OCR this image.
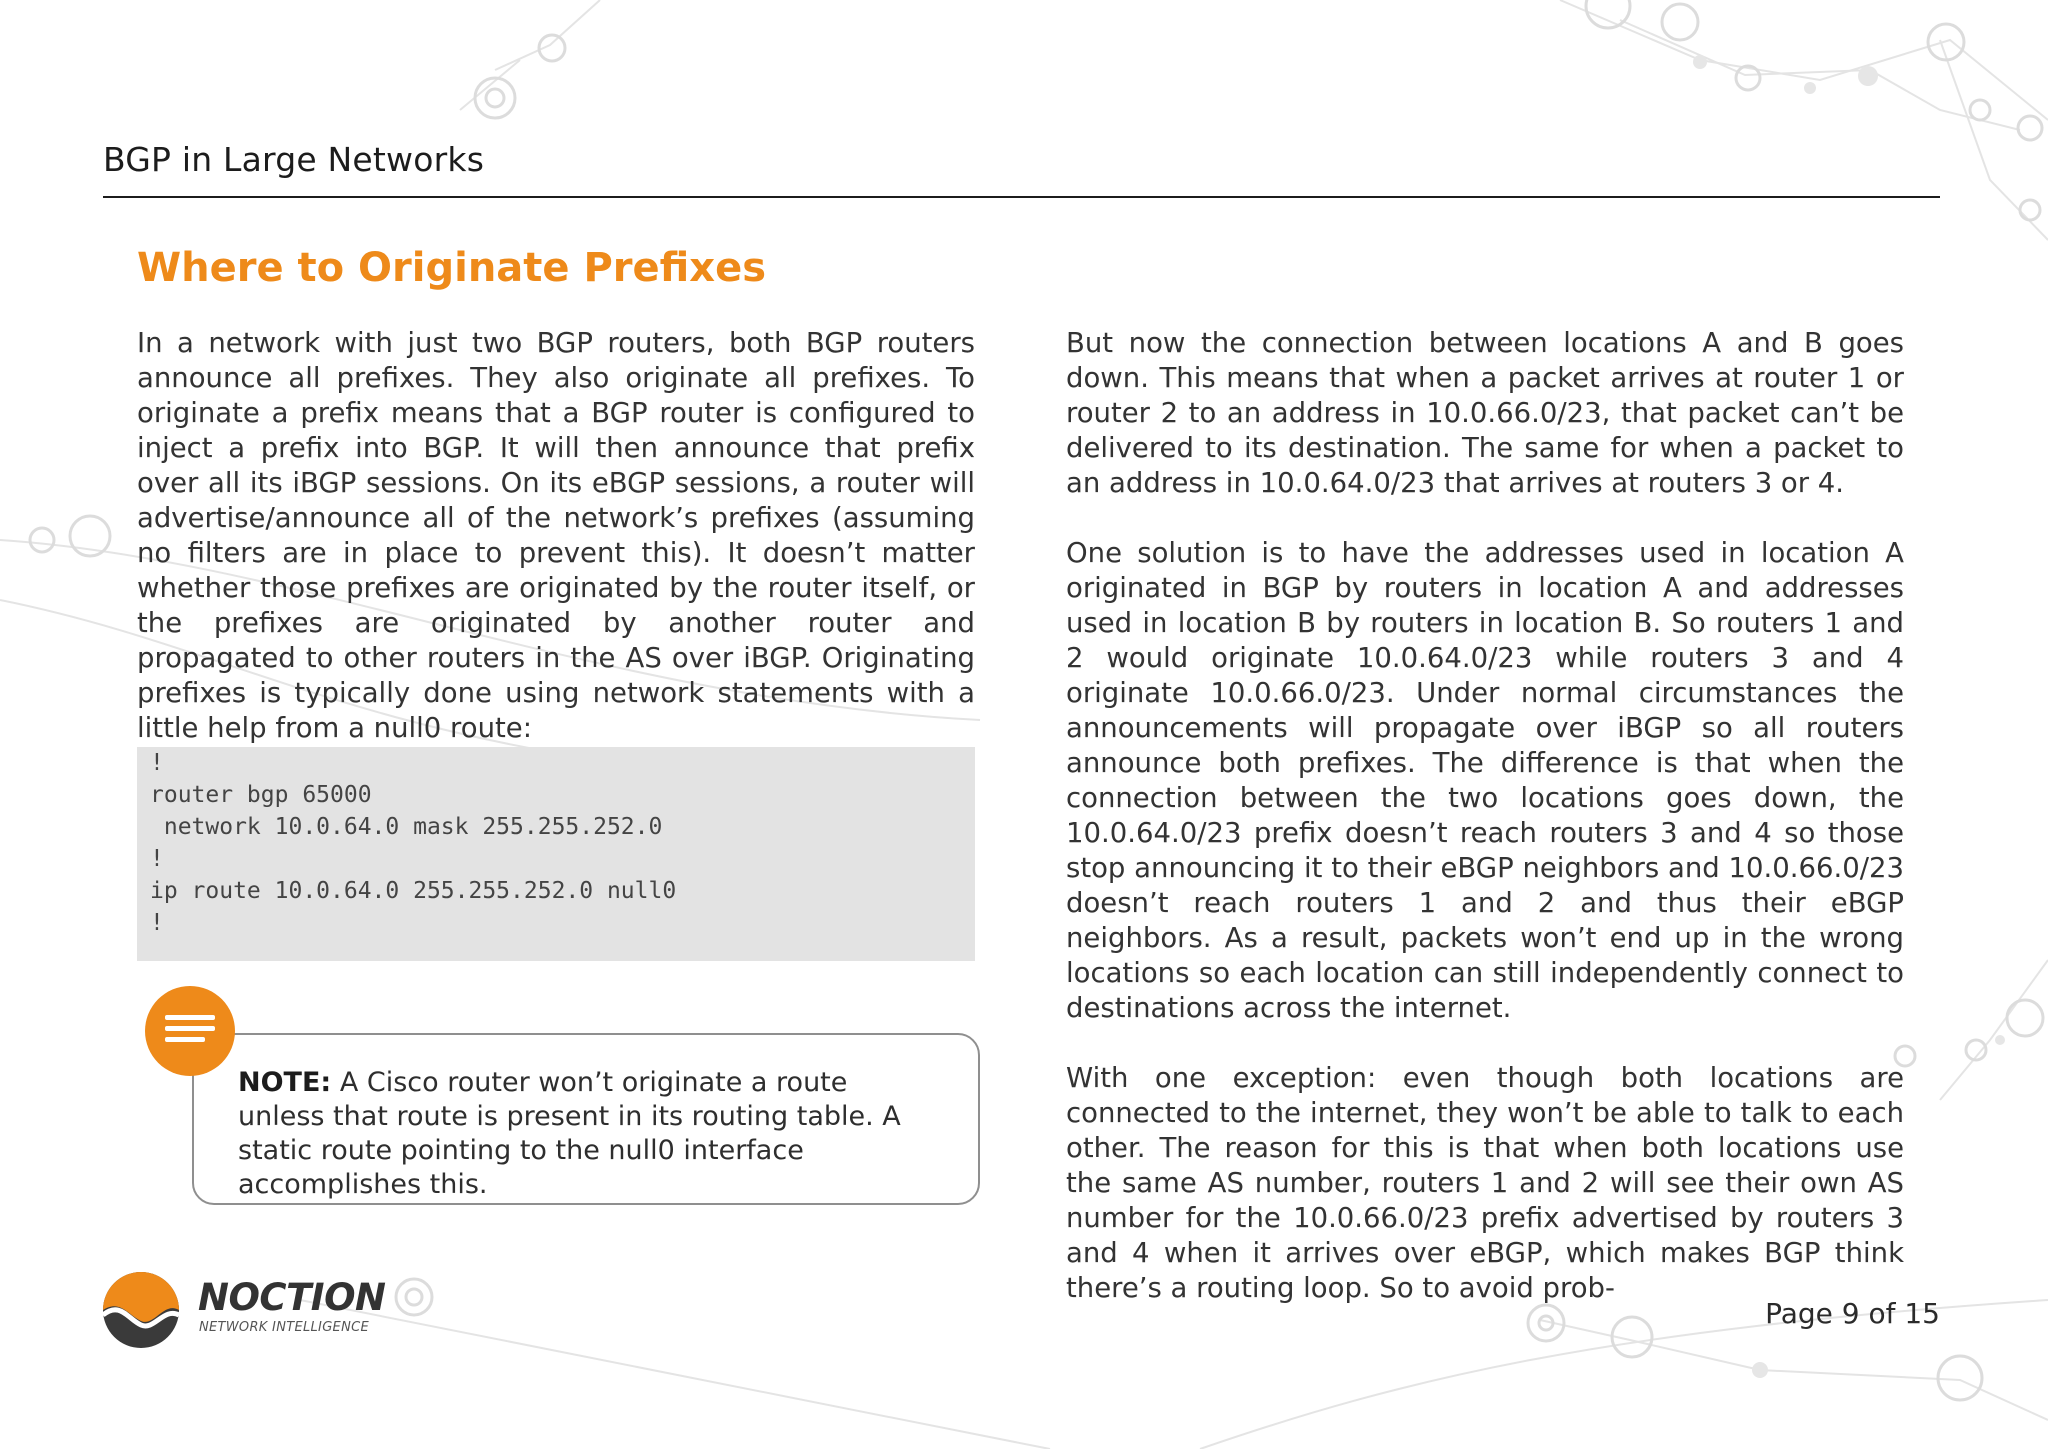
BGP in Large Networks
Where to Originate Prefixes

In a network with just two BGP routers, both BGP routers announce all prefixes. They also originate all prefixes. To originate a prefix means that a BGP router is configured to inject a prefix into BGP. It will then announce that prefix over all its iBGP sessions. On its eBGP sessions, a router will advertise/announce all of the network’s prefixes (assuming no filters are in place to prevent this). It doesn’t matter whether those prefixes are originated by the router itself, or the prefixes are originated by another router and propagated to other routers in the AS over iBGP. Originating prefixes is typically done using network statements with a little help from a null0 route:

!
router bgp 65000
network 10.0.64.0 mask 255.255.252.0
!
ip route 10.0.64.0 255.255.252.0 null0
!
NOTE: A Cisco router won’t originate a route unless that route is present in its routing table. A static route pointing to the null0 interface accomplishes this.

But now the connection between locations A and B goes down. This means that when a packet arrives at router 1 or router 2 to an address in 10.0.66.0/23, that packet can’t be delivered to its destination. The same for when a packet to an address in 10.0.64.0/23 that arrives at routers 3 or 4.

One solution is to have the addresses used in location A originated in BGP by routers in location A and addresses used in location B by routers in location B. So routers 1 and 2 would originate 10.0.64.0/23 while routers 3 and 4 originate 10.0.66.0/23. Under normal circumstances the announcements will propagate over iBGP so all routers announce both prefixes. The difference is that when the connection between the two locations goes down, the 10.0.64.0/23 prefix doesn’t reach routers 3 and 4 so those stop announcing it to their eBGP neighbors and 10.0.66.0/23 doesn’t reach routers 1 and 2 and thus their eBGP neighbors. As a result, packets won’t end up in the wrong locations so each location can still independently connect to destinations across the internet.

With one exception: even though both locations are connected to the internet, they won’t be able to talk to each other. The reason for this is that when both locations use the same AS number, routers 1 and 2 will see their own AS number for the 10.0.66.0/23 prefix advertised by routers 3 and 4 when it arrives over eBGP, which makes BGP think there’s a routing loop. So to avoid prob-

NOCTION
NETWORK INTELLIGENCE	Page 9 of 15
